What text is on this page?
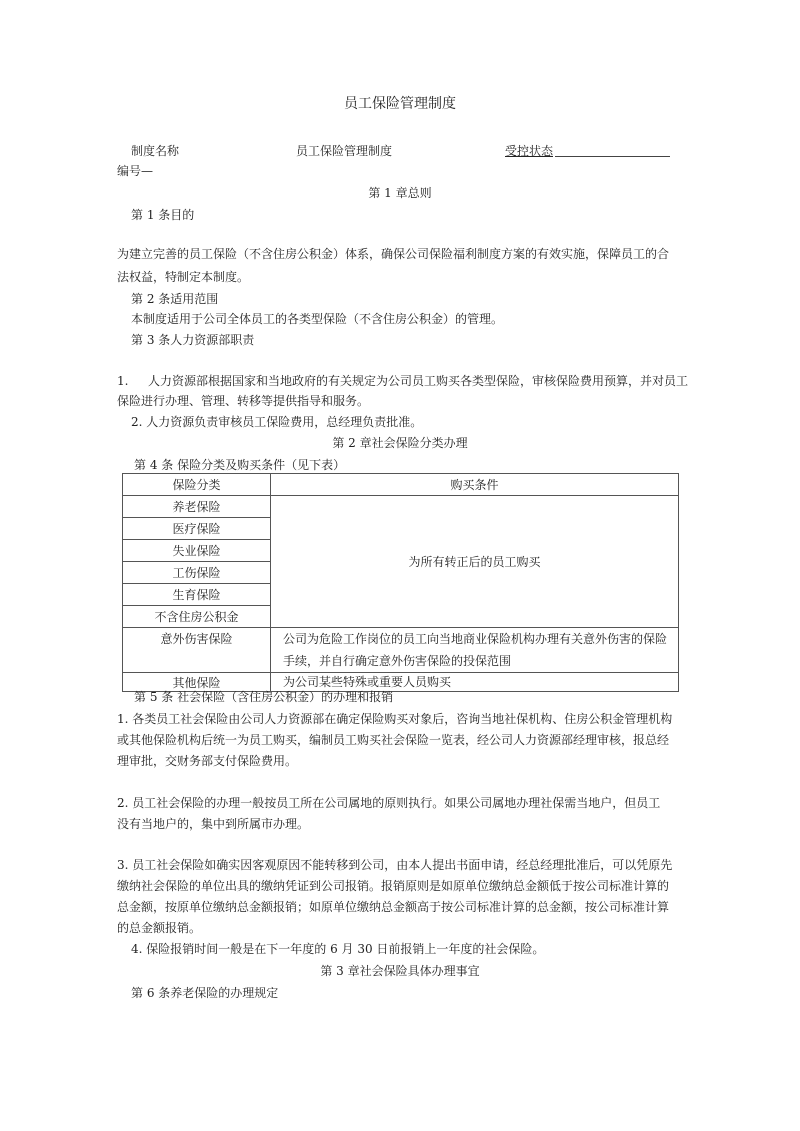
员工保险管理制度
制度名称	员工保险管理制度	受控状态
编号—
第 1 章总则
第 1 条目的
为建立完善的员工保险（不含住房公积金）体系，确保公司保险福利制度方案的有效实施，保障员工的合
法权益，特制定本制度。
第 2 条适用范围
本制度适用于公司全体员工的各类型保险（不含住房公积金）的管理。
第 3 条人力资源部职责
1. 人力资源部根据国家和当地政府的有关规定为公司员工购买各类型保险，审核保险费用预算，并对员工
保险进行办理、管理、转移等提供指导和服务。
2. 人力资源负责审核员工保险费用，总经理负责批准。
第 2 章社会保险分类办理
第 4 条 保险分类及购买条件（见下表）
保险分类	购买条件
养老保险	为所有转正后的员工购买
医疗保险	
失业保险	
工伤保险	
生育保险	
不含住房公积金	
意外伤害保险	公司为危险工作岗位的员工向当地商业保险机构办理有关意外伤害的保险
手续，并自行确定意外伤害保险的投保范围

其他保险	为公司某些特殊或重要人员购买
第 5 条 社会保险（含住房公积金）的办理和报销
1. 各类员工社会保险由公司人力资源部在确定保险购买对象后，咨询当地社保机构、住房公积金管理机构
或其他保险机构后统一为员工购买，编制员工购买社会保险一览表，经公司人力资源部经理审核，报总经
理审批，交财务部支付保险费用。
2. 员工社会保险的办理一般按员工所在公司属地的原则执行。如果公司属地办理社保需当地户，但员工
没有当地户的，集中到所属市办理。
3. 员工社会保险如确实因客观原因不能转移到公司，由本人提出书面申请，经总经理批准后，可以凭原先
缴纳社会保险的单位出具的缴纳凭证到公司报销。报销原则是如原单位缴纳总金额低于按公司标准计算的
总金额，按原单位缴纳总金额报销；如原单位缴纳总金额高于按公司标准计算的总金额，按公司标准计算
的总金额报销。
4. 保险报销时间一般是在下一年度的 6 月 30 日前报销上一年度的社会保险。
第 3 章社会保险具体办理事宜
第 6 条养老保险的办理规定
